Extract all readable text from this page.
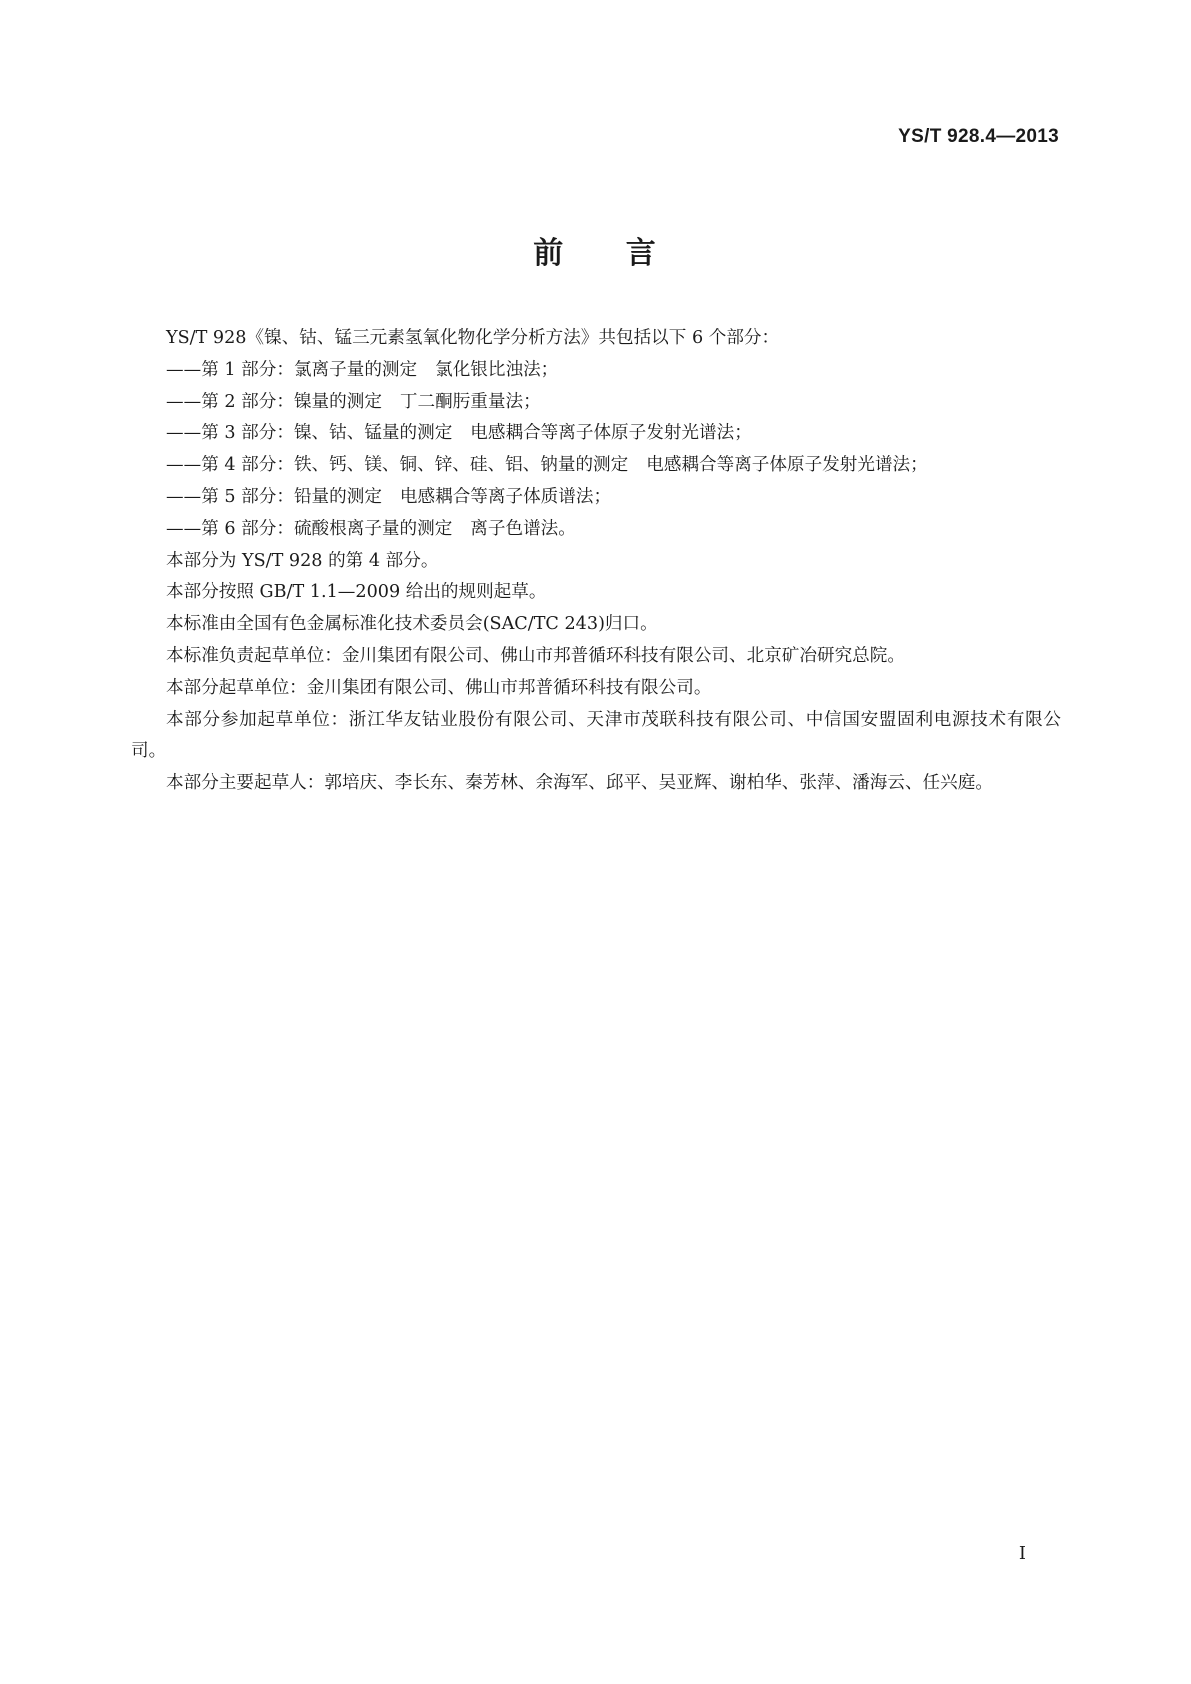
YS/T 928.4—2013
前 言

YS/T 928《镍、钴、锰三元素氢氧化物化学分析方法》共包括以下 6 个部分：

——第 1 部分：氯离子量的测定 氯化银比浊法；

——第 2 部分：镍量的测定 丁二酮肟重量法；

——第 3 部分：镍、钴、锰量的测定 电感耦合等离子体原子发射光谱法；

——第 4 部分：铁、钙、镁、铜、锌、硅、铝、钠量的测定 电感耦合等离子体原子发射光谱法；

——第 5 部分：铅量的测定 电感耦合等离子体质谱法；

——第 6 部分：硫酸根离子量的测定 离子色谱法。

本部分为 YS/T 928 的第 4 部分。

本部分按照 GB/T 1.1—2009 给出的规则起草。

本标准由全国有色金属标准化技术委员会(SAC/TC 243)归口。

本标准负责起草单位：金川集团有限公司、佛山市邦普循环科技有限公司、北京矿冶研究总院。

本部分起草单位：金川集团有限公司、佛山市邦普循环科技有限公司。

本部分参加起草单位：浙江华友钴业股份有限公司、天津市茂联科技有限公司、中信国安盟固利电源技术有限公司。

本部分主要起草人：郭培庆、李长东、秦芳林、余海军、邱平、吴亚辉、谢柏华、张萍、潘海云、任兴庭。

I
